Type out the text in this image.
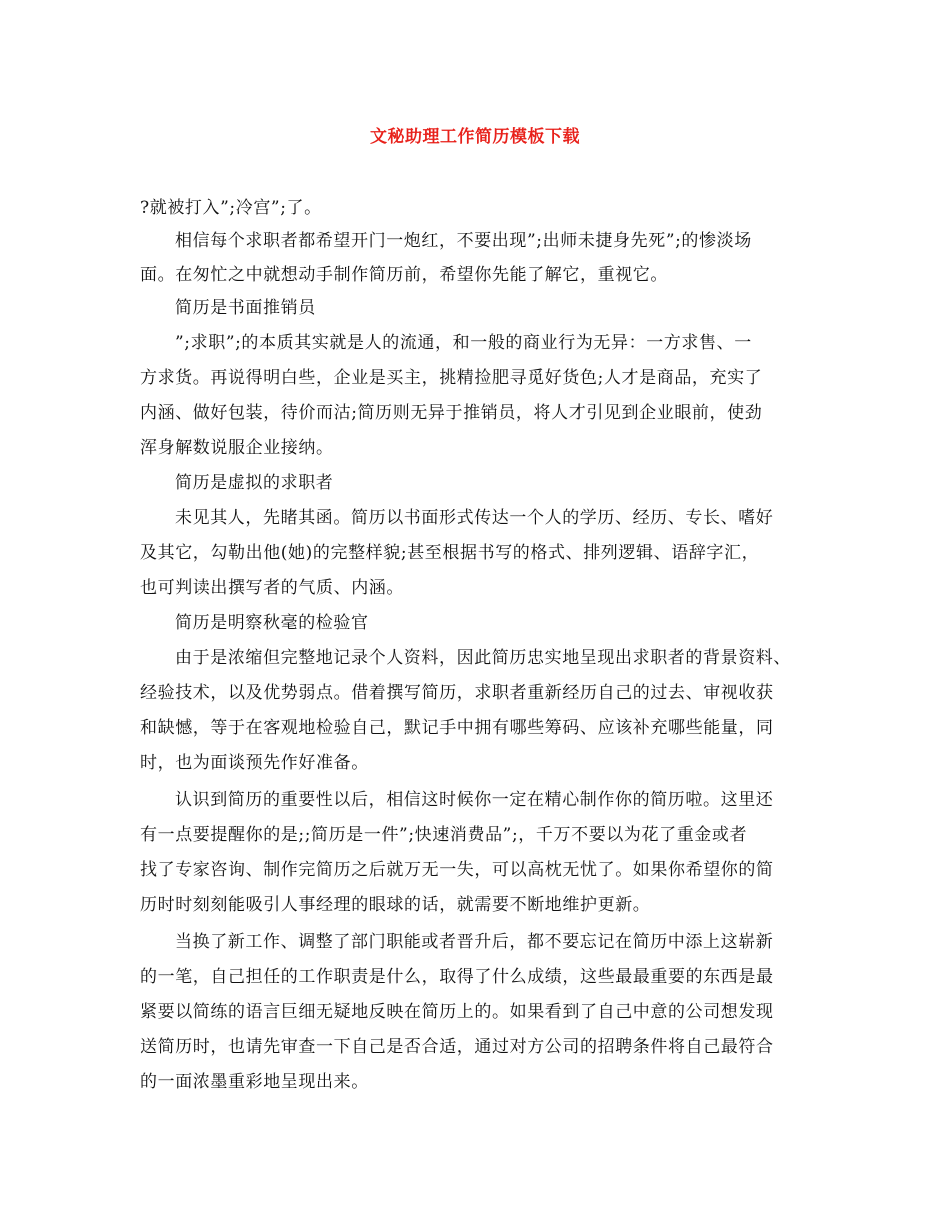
文秘助理工作简历模板下载
?就被打入”;冷宫”;了。
相信每个求职者都希望开门一炮红，不要出现”;出师未捷身先死”;的惨淡场
面。在匆忙之中就想动手制作简历前，希望你先能了解它，重视它。
简历是书面推销员
”;求职”;的本质其实就是人的流通，和一般的商业行为无异：一方求售、一
方求货。再说得明白些，企业是买主，挑精捡肥寻觅好货色;人才是商品，充实了
内涵、做好包装，待价而沽;简历则无异于推销员，将人才引见到企业眼前，使劲
浑身解数说服企业接纳。
简历是虚拟的求职者
未见其人，先睹其函。简历以书面形式传达一个人的学历、经历、专长、嗜好
及其它，勾勒出他(她)的完整样貌;甚至根据书写的格式、排列逻辑、语辞字汇，
也可判读出撰写者的气质、内涵。
简历是明察秋毫的检验官
由于是浓缩但完整地记录个人资料，因此简历忠实地呈现出求职者的背景资料、
经验技术，以及优势弱点。借着撰写简历，求职者重新经历自己的过去、审视收获
和缺憾，等于在客观地检验自己，默记手中拥有哪些筹码、应该补充哪些能量，同
时，也为面谈预先作好准备。
认识到简历的重要性以后，相信这时候你一定在精心制作你的简历啦。这里还
有一点要提醒你的是;;简历是一件”;快速消费品”;，千万不要以为花了重金或者
找了专家咨询、制作完简历之后就万无一失，可以高枕无忧了。如果你希望你的简
历时时刻刻能吸引人事经理的眼球的话，就需要不断地维护更新。
当换了新工作、调整了部门职能或者晋升后，都不要忘记在简历中添上这崭新
的一笔，自己担任的工作职责是什么，取得了什么成绩，这些最最重要的东西是最
紧要以简练的语言巨细无疑地反映在简历上的。如果看到了自己中意的公司想发现
送简历时，也请先审查一下自己是否合适，通过对方公司的招聘条件将自己最符合
的一面浓墨重彩地呈现出来。
